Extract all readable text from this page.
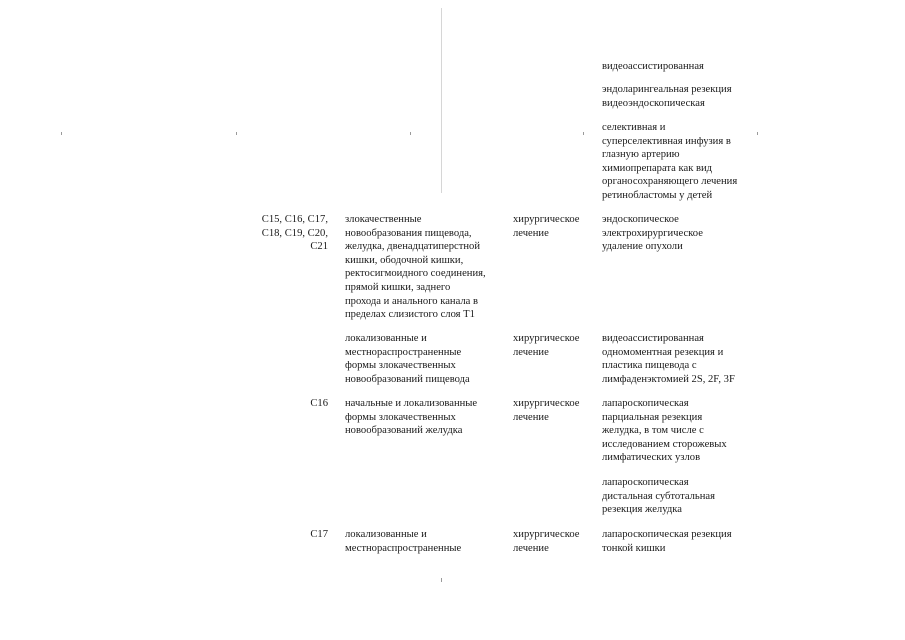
видеоассистированная
эндоларингеальная резекция
видеоэндоскопическая
селективная и
суперселективная инфузия в
глазную артерию
химиопрепарата как вид
органосохраняющего лечения
ретинобластомы у детей
C15, C16, C17,
C18, C19, C20,
C21
злокачественные
новообразования пищевода,
желудка, двенадцатиперстной
кишки, ободочной кишки,
ректосигмоидного соединения,
прямой кишки, заднего
прохода и анального канала в
пределах слизистого слоя T1
хирургическое
лечение
эндоскопическое
электрохирургическое
удаление опухоли
локализованные и
местнораспространенные
формы злокачественных
новообразований пищевода
хирургическое
лечение
видеоассистированная
одномоментная резекция и
пластика пищевода с
лимфаденэктомией 2S, 2F, 3F
C16 начальные и локализованные
формы злокачественных
новообразований желудка
хирургическое
лечение
лапароскопическая
парциальная резекция
желудка, в том числе с
исследованием сторожевых
лимфатических узлов
лапароскопическая
дистальная субтотальная
резекция желудка
C17 локализованные и
местнораспространенные
хирургическое
лечение
лапароскопическая резекция
тонкой кишки
